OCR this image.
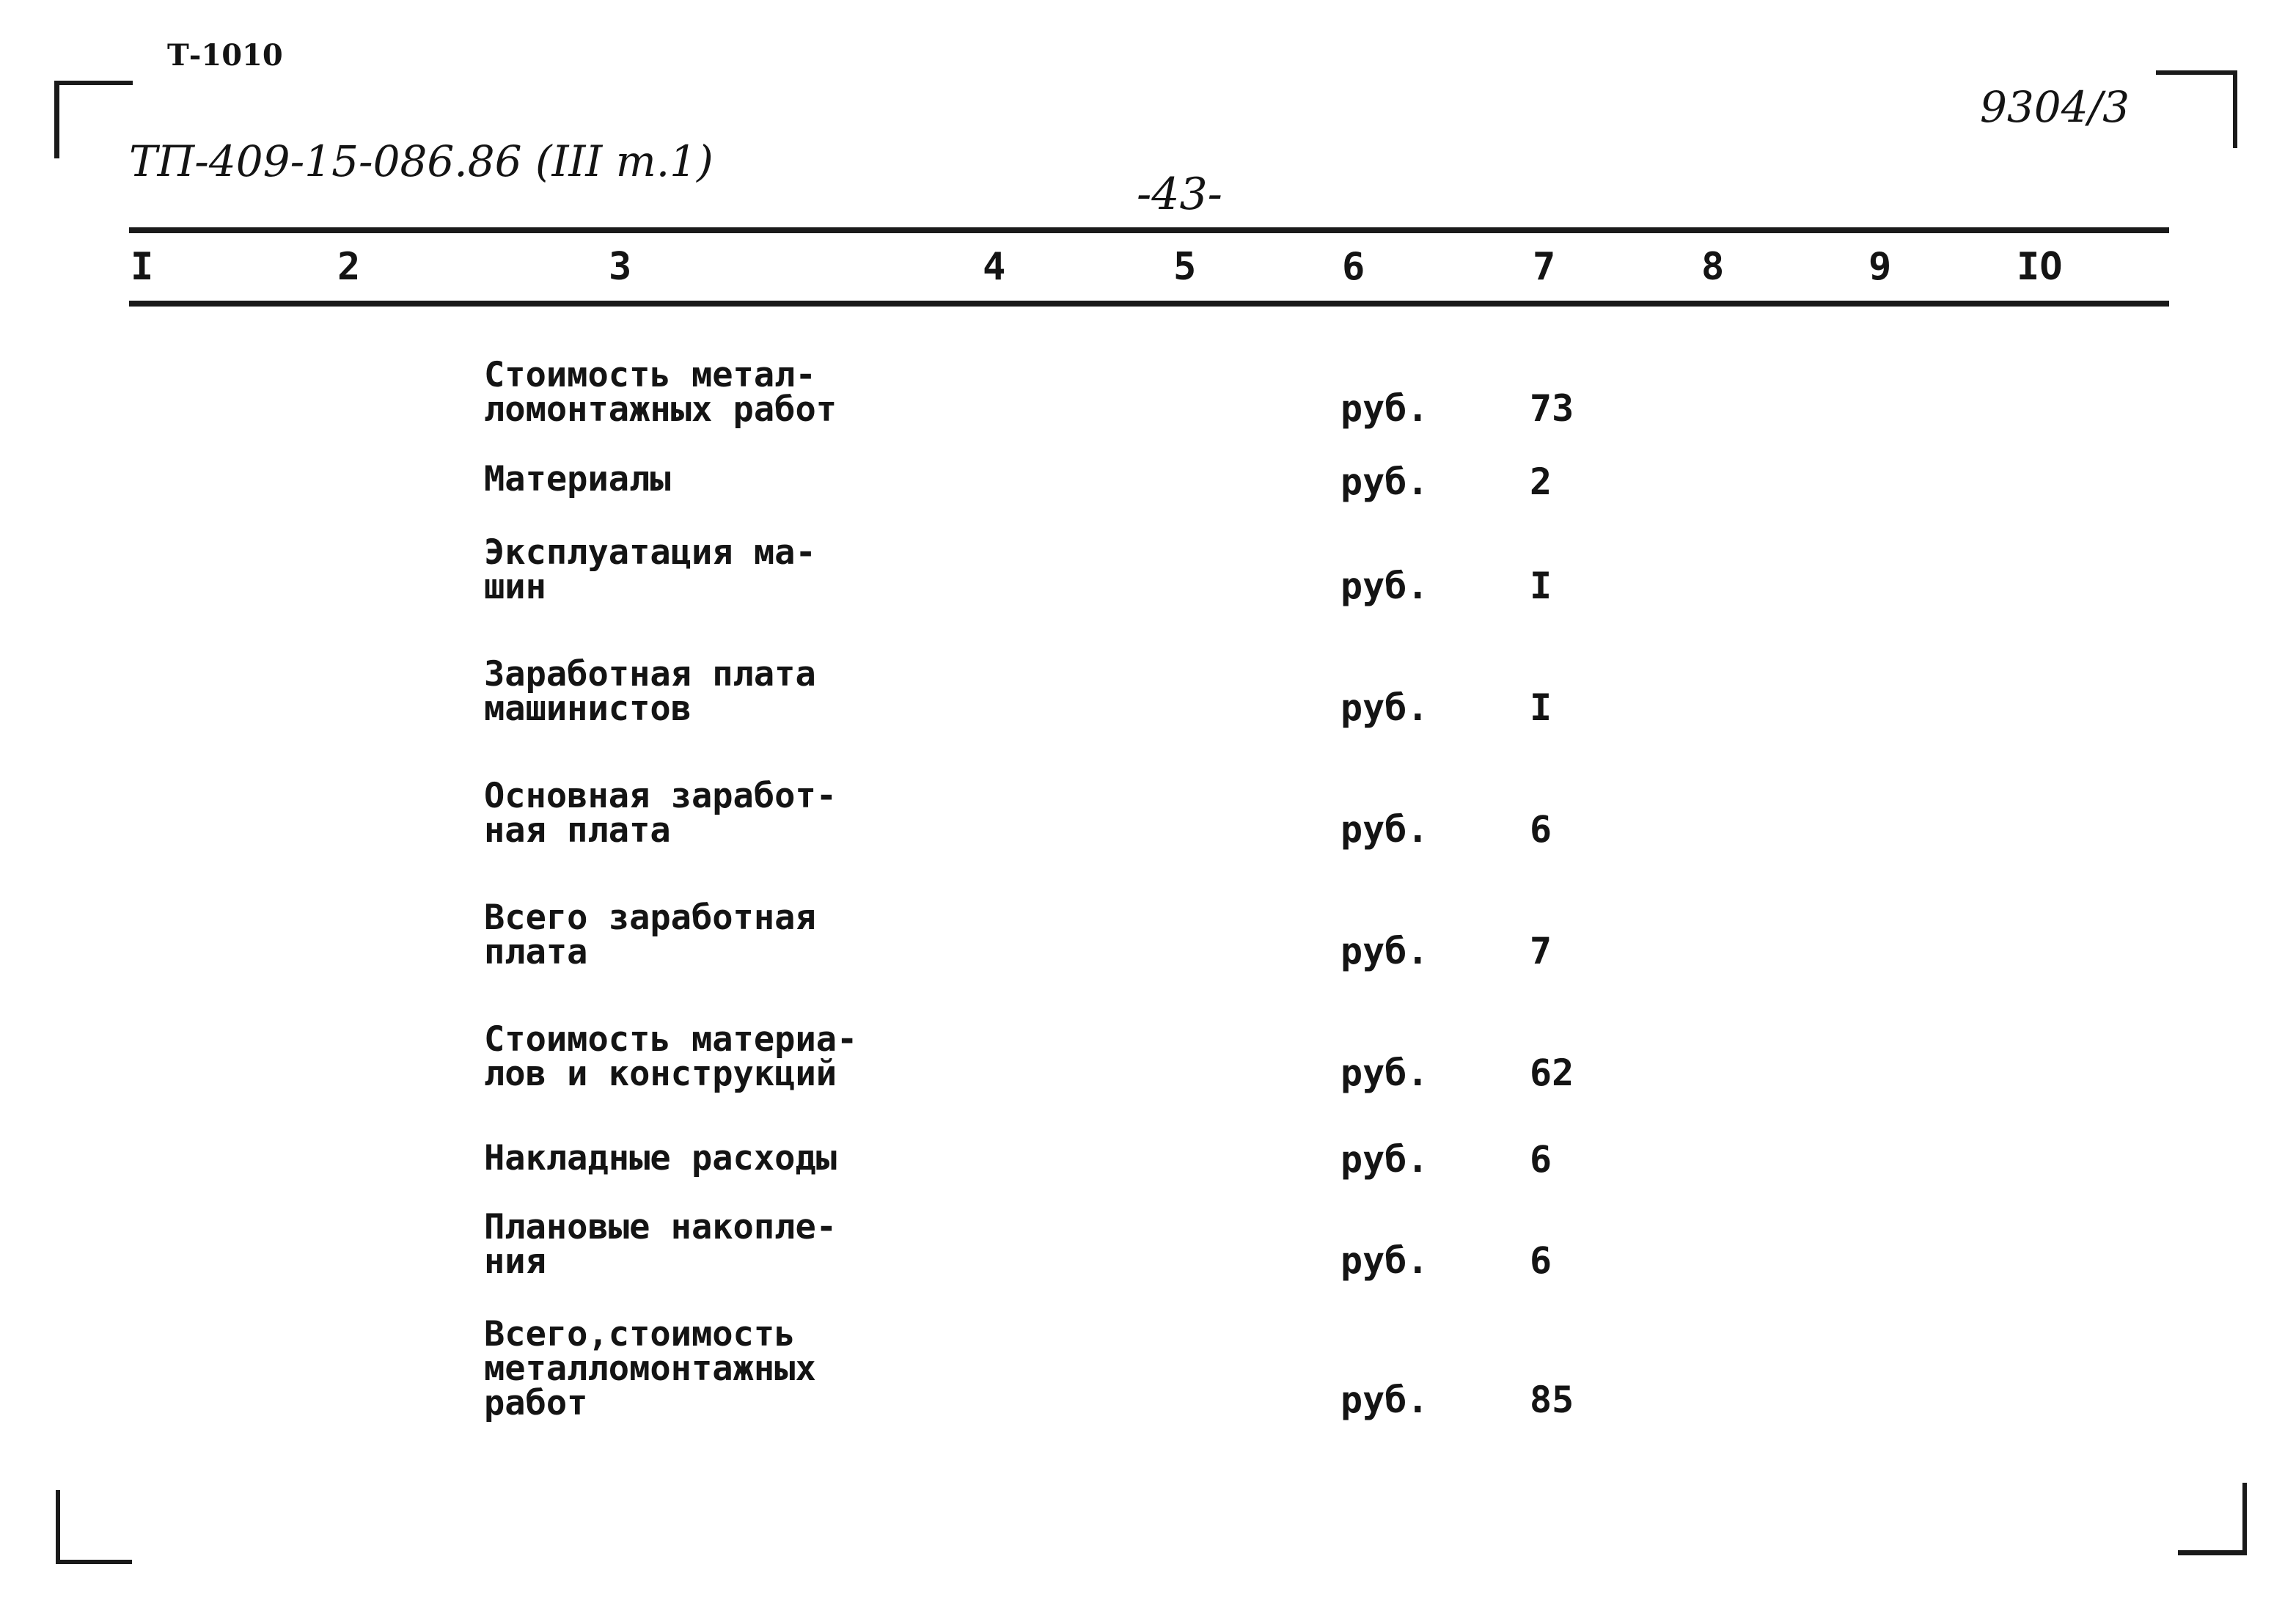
Т-1010
9304/3
ТП-409-15-086.86 (III т.1)
-43-
I	2	3	4	5	6	7	8	9	IO
Стоимость метал-
ломонтажных работ	руб.	73
Материалы	руб.	2
Эксплуатация ма-
шин	руб.	I
Заработная плата
машинистов	руб.	I
Основная заработ-
ная плата	руб.	6
Всего заработная
плата	руб.	7
Стоимость материа-
лов и конструкций	руб.	62
Накладные расходы	руб.	6
Плановые накопле-
ния	руб.	6
Всего,стоимость
металломонтажных
работ	руб.	85
